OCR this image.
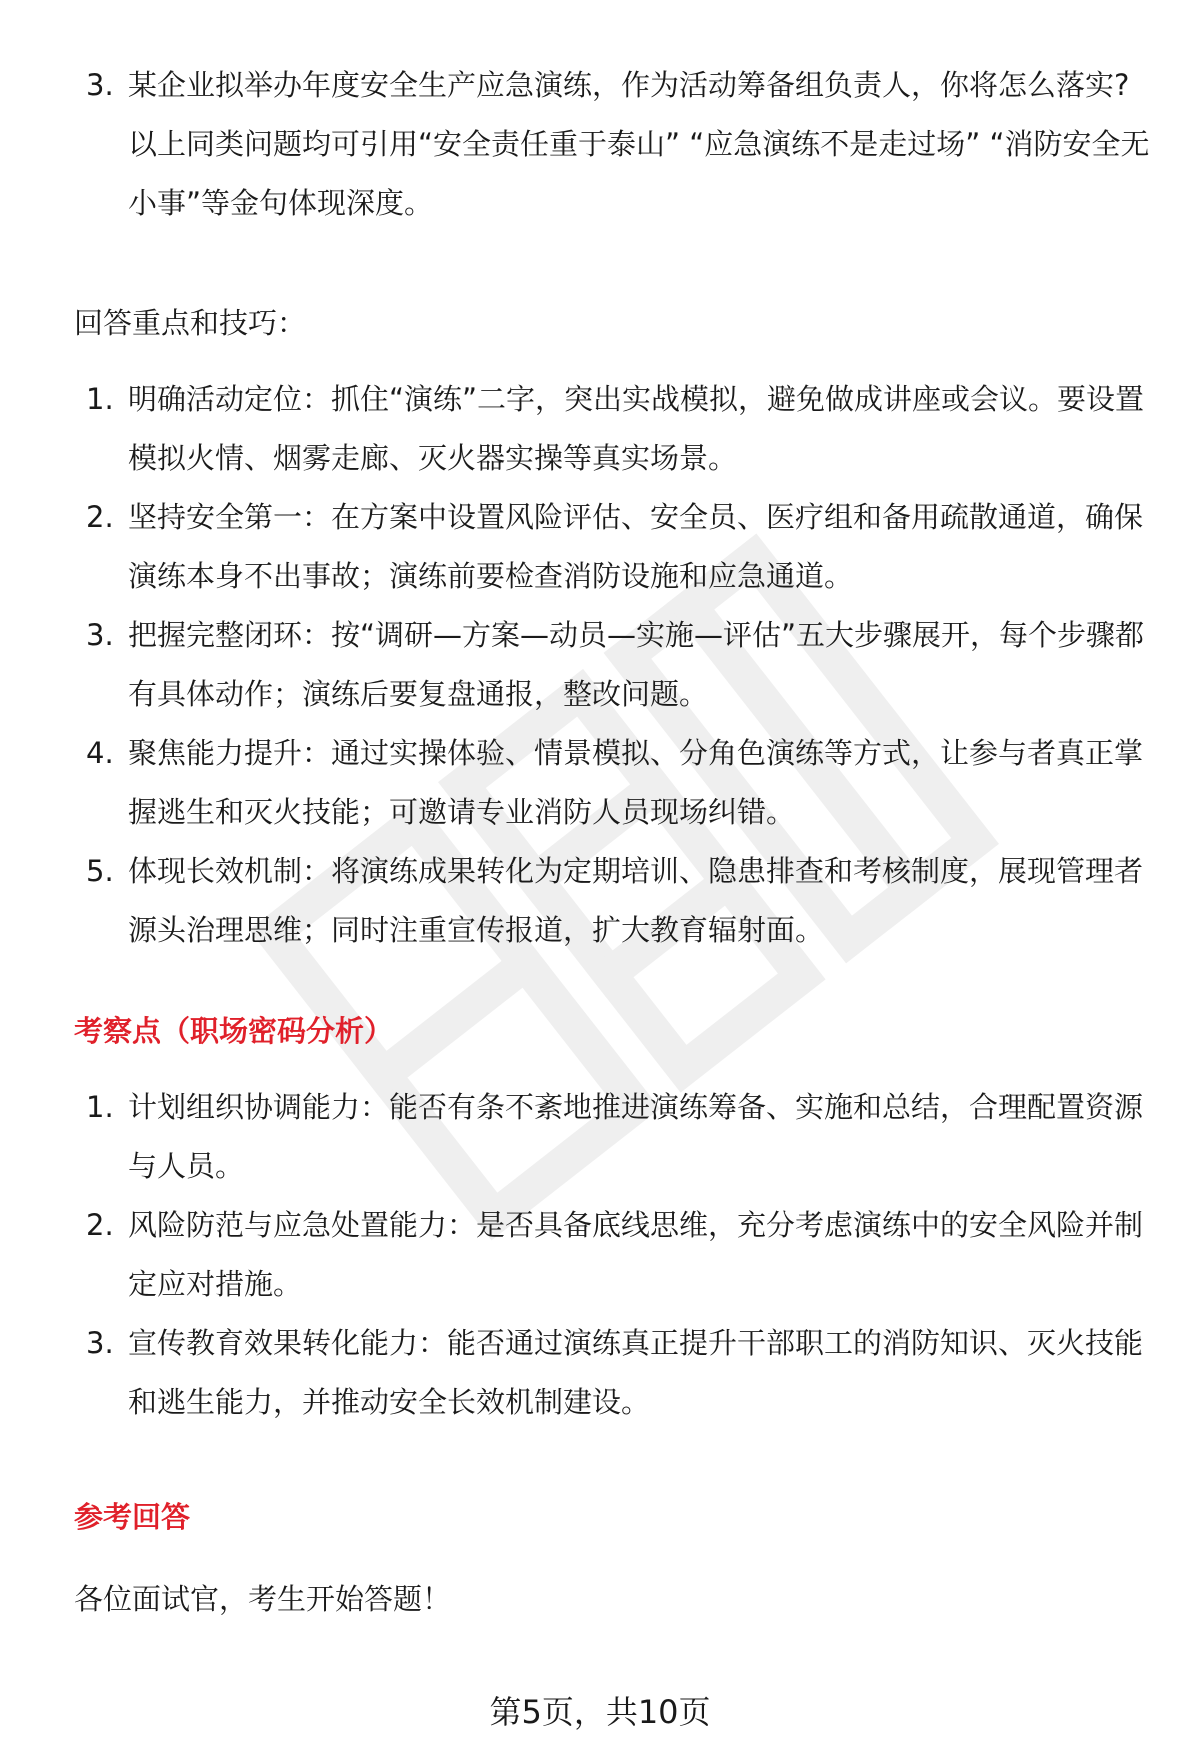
3. 某企业拟举办年度安全生产应急演练，作为活动筹备组负责人，你将怎么落实?
以上同类问题均可引用“安全责任重于泰山” “应急演练不是走过场” “消防安全无小事”等金句体现深度。

回答重点和技巧：

1. 明确活动定位：抓住“演练”二字，突出实战模拟，避免做成讲座或会议。要设置模拟火情、烟雾走廊、灭火器实操等真实场景。
2. 坚持安全第一：在方案中设置风险评估、安全员、医疗组和备用疏散通道，确保演练本身不出事故；演练前要检查消防设施和应急通道。
3. 把握完整闭环：按“调研—方案—动员—实施—评估”五大步骤展开，每个步骤都有具体动作；演练后要复盘通报，整改问题。
4. 聚焦能力提升：通过实操体验、情景模拟、分角色演练等方式，让参与者真正掌握逃生和灭火技能；可邀请专业消防人员现场纠错。
5. 体现长效机制：将演练成果转化为定期培训、隐患排查和考核制度，展现管理者源头治理思维；同时注重宣传报道，扩大教育辐射面。

考察点（职场密码分析）

1. 计划组织协调能力：能否有条不紊地推进演练筹备、实施和总结，合理配置资源与人员。
2. 风险防范与应急处置能力：是否具备底线思维，充分考虑演练中的安全风险并制定应对措施。
3. 宣传教育效果转化能力：能否通过演练真正提升干部职工的消防知识、灭火技能和逃生能力，并推动安全长效机制建设。

参考回答

各位面试官，考生开始答题！

第5页，共10页
